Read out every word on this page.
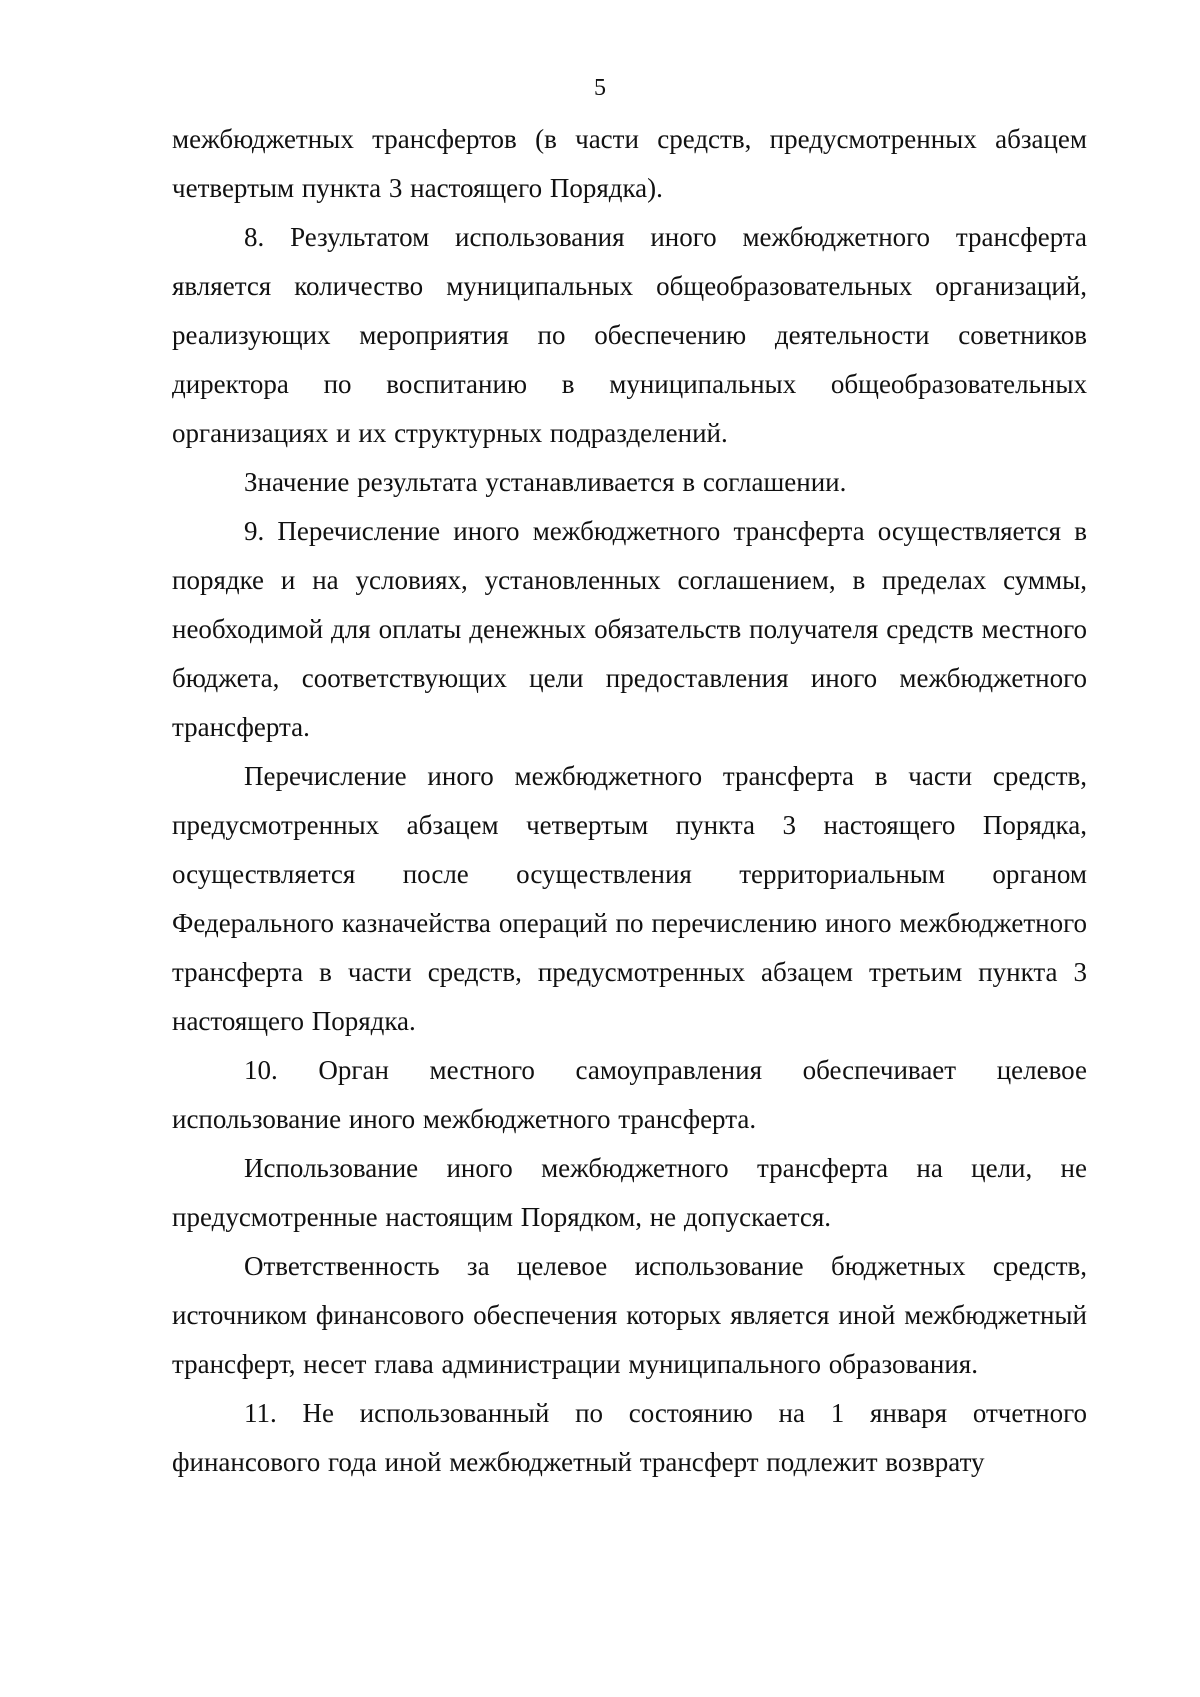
5

межбюджетных трансфертов (в части средств, предусмотренных абзацем четвертым пункта 3 настоящего Порядка).

8. Результатом использования иного межбюджетного трансферта является количество муниципальных общеобразовательных организаций, реализующих мероприятия по обеспечению деятельности советников директора по воспитанию в муниципальных общеобразовательных организациях и их структурных подразделений.

Значение результата устанавливается в соглашении.

9. Перечисление иного межбюджетного трансферта осуществляется в порядке и на условиях, установленных соглашением, в пределах суммы, необходимой для оплаты денежных обязательств получателя средств местного бюджета, соответствующих цели предоставления иного межбюджетного трансферта.

Перечисление иного межбюджетного трансферта в части средств, предусмотренных абзацем четвертым пункта 3 настоящего Порядка, осуществляется после осуществления территориальным органом Федерального казначейства операций по перечислению иного межбюджетного трансферта в части средств, предусмотренных абзацем третьим пункта 3 настоящего Порядка.

10. Орган местного самоуправления обеспечивает целевое использование иного межбюджетного трансферта.

Использование иного межбюджетного трансферта на цели, не предусмотренные настоящим Порядком, не допускается.

Ответственность за целевое использование бюджетных средств, источником финансового обеспечения которых является иной межбюджетный трансферт, несет глава администрации муниципального образования.

11. Не использованный по состоянию на 1 января отчетного финансового года иной межбюджетный трансферт подлежит возврату
